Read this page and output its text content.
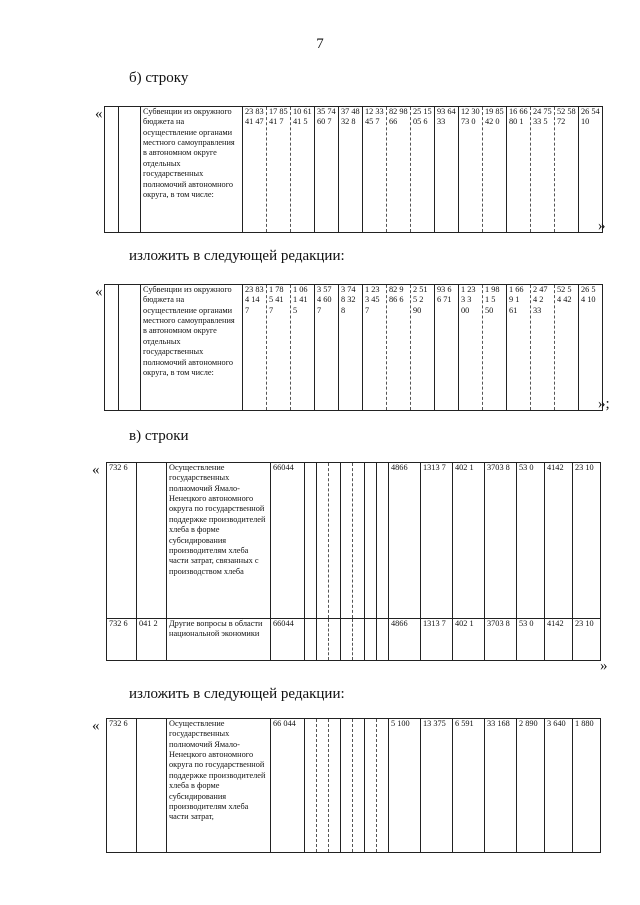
7
б) строку
«
			Субвенции из окружного бюджета на осуществление органами местного самоуправления в автономном округе отдельных государственных полномочий автономного округа, в том числе:	23 83 41 47	17 85 41 7	10 61 41 5	35 74 60 7	37 48 32 8	12 33 45 7	82 98 66	25 15 05 6	93 64 33	12 30 73 0	19 85 42 0	16 66 80 1	24 75 33 5	52 58 72	26 54 10
»
изложить в следующей редакции:
«
			Субвенции из окружного бюджета на осуществление органами местного самоуправления в автономном округе отдельных государственных полномочий автономного округа, в том числе:	23 83 4 14 7	1 78 5 41 7	1 06 1 41 5	3 57 4 60 7	3 74 8 32 8	1 23 3 45 7	82 9 86 6	2 51 5 2 90	93 6 6 71	1 23 3 3 00	1 98 1 5 50	1 66 9 1 61	2 47 4 2 33	52 5 4 42	26 5 4 10
»;
в) строки
« 732 6		Осуществление государственных полномочий Ямало-Ненецкого автономного округа по государственной поддержке производителей хлеба в форме субсидирования производителям хлеба части затрат, связанных с производством хлеба	66044								4866	1313 7	402 1	3703 8	53 0	4142	23 10
732 6	041 2	Другие вопросы в области национальной экономики	66044								4866	1313 7	402 1	3703 8	53 0	4142	23 10
»
изложить в следующей редакции:
« 732 6		Осуществление государственных полномочий Ямало-Ненецкого автономного округа по государственной поддержке производителей хлеба в форме субсидирования производителям хлеба части затрат,	66 044								5 100	13 375	6 591	33 168	2 890	3 640	1 880
